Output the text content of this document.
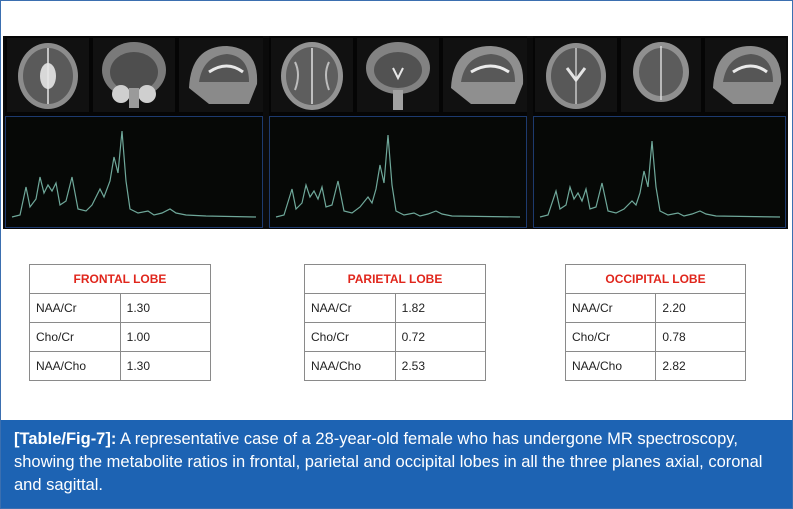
FRONTAL LOBE	
NAA/Cr	1.30
Cho/Cr	1.00
NAA/Cho	1.30
PARIETAL LOBE	
NAA/Cr	1.82
Cho/Cr	0.72
NAA/Cho	2.53
OCCIPITAL LOBE	
NAA/Cr	2.20
Cho/Cr	0.78
NAA/Cho	2.82
[Table/Fig-7]: A representative case of a 28-year-old female who has undergone MR spectroscopy, showing the metabolite ratios in frontal, parietal and occipital lobes in all the three planes axial, coronal and sagittal.
